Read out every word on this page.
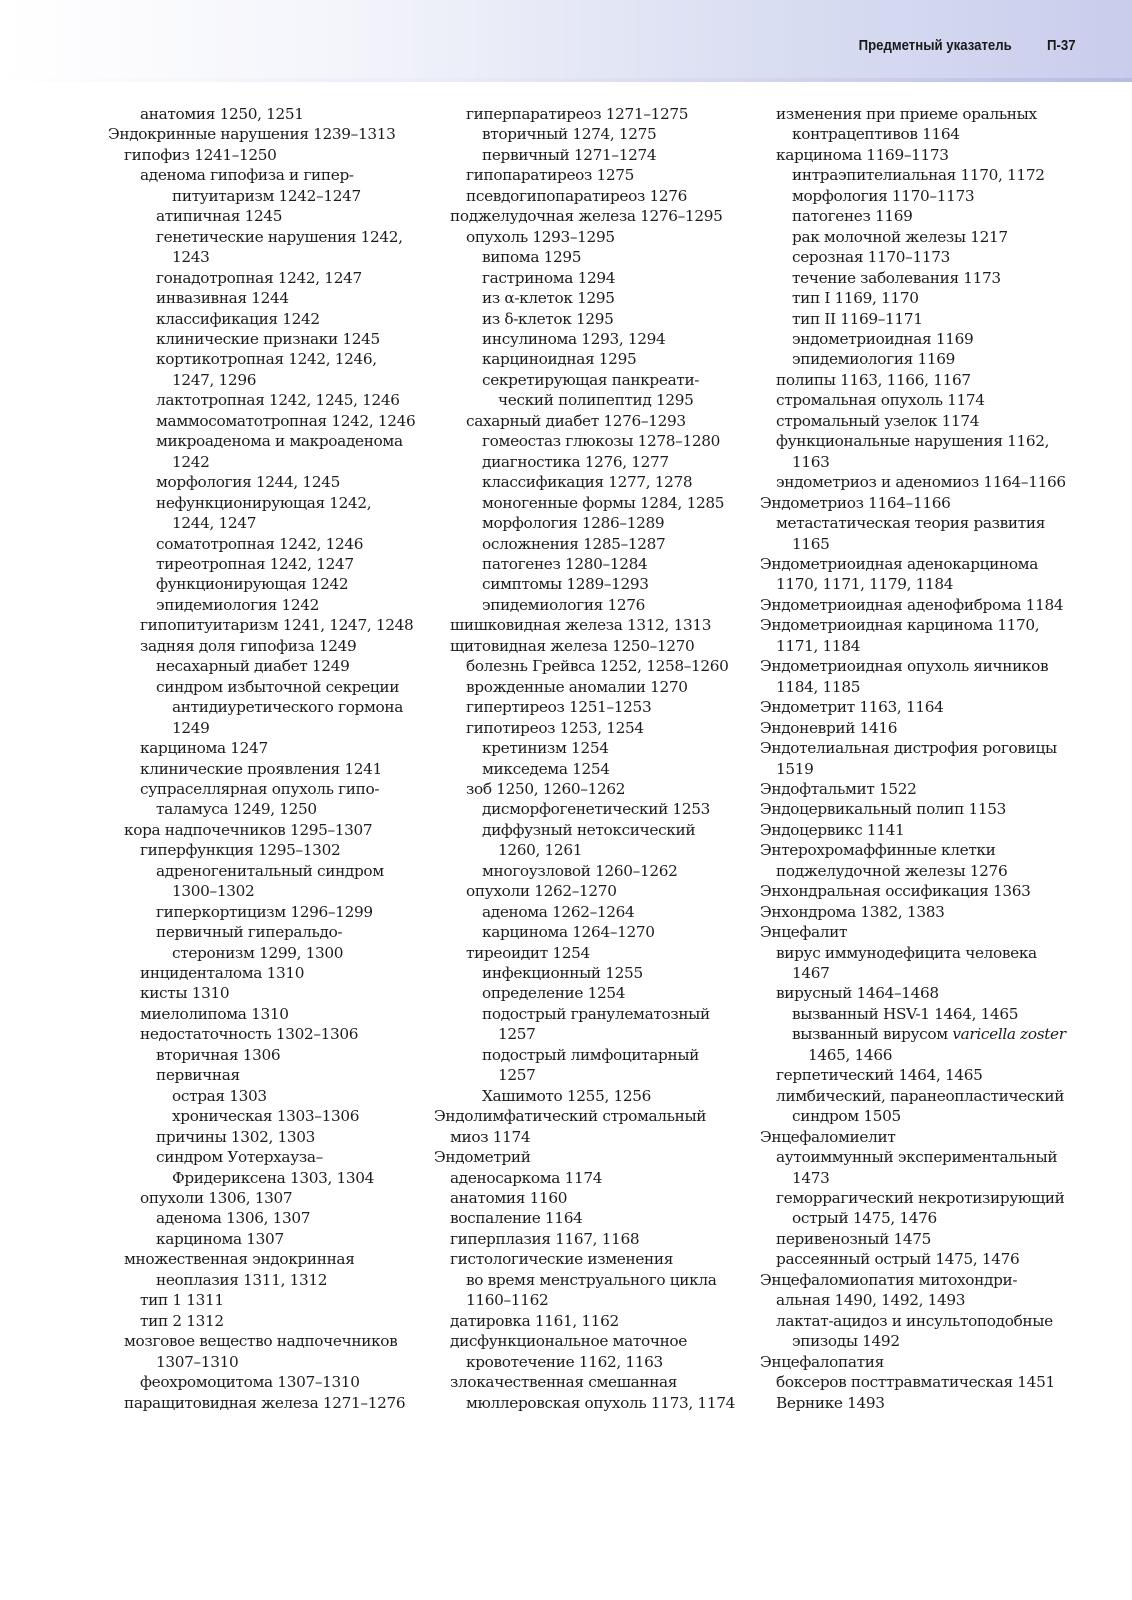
Предметный указатель П-37
анатомия 1250, 1251
Эндокринные нарушения 1239–1313
гипофиз 1241–1250
аденома гипофиза и гипер-
питуитаризм 1242–1247
атипичная 1245
генетические нарушения 1242,
1243
гонадотропная 1242, 1247
инвазивная 1244
классификация 1242
клинические признаки 1245
кортикотропная 1242, 1246,
1247, 1296
лактотропная 1242, 1245, 1246
маммосоматотропная 1242, 1246
микроаденома и макроаденома
1242
морфология 1244, 1245
нефункционирующая 1242,
1244, 1247
соматотропная 1242, 1246
тиреотропная 1242, 1247
функционирующая 1242
эпидемиология 1242
гипопитуитаризм 1241, 1247, 1248
задняя доля гипофиза 1249
несахарный диабет 1249
синдром избыточной секреции
антидиуретического гормона
1249
карцинома 1247
клинические проявления 1241
супраселлярная опухоль гипо-
таламуса 1249, 1250
кора надпочечников 1295–1307
гиперфункция 1295–1302
адреногенитальный синдром
1300–1302
гиперкортицизм 1296–1299
первичный гиперальдо-
стеронизм 1299, 1300
инциденталома 1310
кисты 1310
миелолипома 1310
недостаточность 1302–1306
вторичная 1306
первичная
острая 1303
хроническая 1303–1306
причины 1302, 1303
синдром Уотерхауза–
Фридериксена 1303, 1304
опухоли 1306, 1307
аденома 1306, 1307
карцинома 1307
множественная эндокринная
неоплазия 1311, 1312
тип 1 1311
тип 2 1312
мозговое вещество надпочечников
1307–1310
феохромоцитома 1307–1310
паращитовидная железа 1271–1276
гиперпаратиреоз 1271–1275
вторичный 1274, 1275
первичный 1271–1274
гипопаратиреоз 1275
псевдогипопаратиреоз 1276
поджелудочная железа 1276–1295
опухоль 1293–1295
випома 1295
гастринома 1294
из α-клеток 1295
из δ-клеток 1295
инсулинома 1293, 1294
карциноидная 1295
секретирующая панкреати-
ческий полипептид 1295
сахарный диабет 1276–1293
гомеостаз глюкозы 1278–1280
диагностика 1276, 1277
классификация 1277, 1278
моногенные формы 1284, 1285
морфология 1286–1289
осложнения 1285–1287
патогенез 1280–1284
симптомы 1289–1293
эпидемиология 1276
шишковидная железа 1312, 1313
щитовидная железа 1250–1270
болезнь Грейвса 1252, 1258–1260
врожденные аномалии 1270
гипертиреоз 1251–1253
гипотиреоз 1253, 1254
кретинизм 1254
микседема 1254
зоб 1250, 1260–1262
дисморфогенетический 1253
диффузный нетоксический
1260, 1261
многоузловой 1260–1262
опухоли 1262–1270
аденома 1262–1264
карцинома 1264–1270
тиреоидит 1254
инфекционный 1255
определение 1254
подострый гранулематозный
1257
подострый лимфоцитарный
1257
Хашимото 1255, 1256
Эндолимфатический стромальный
миоз 1174
Эндометрий
аденосаркома 1174
анатомия 1160
воспаление 1164
гиперплазия 1167, 1168
гистологические изменения
во время менструального цикла
1160–1162
датировка 1161, 1162
дисфункциональное маточное
кровотечение 1162, 1163
злокачественная смешанная
мюллеровская опухоль 1173, 1174
изменения при приеме оральных
контрацептивов 1164
карцинома 1169–1173
интраэпителиальная 1170, 1172
морфология 1170–1173
патогенез 1169
рак молочной железы 1217
серозная 1170–1173
течение заболевания 1173
тип I 1169, 1170
тип II 1169–1171
эндометриоидная 1169
эпидемиология 1169
полипы 1163, 1166, 1167
стромальная опухоль 1174
стромальный узелок 1174
функциональные нарушения 1162,
1163
эндометриоз и аденомиоз 1164–1166
Эндометриоз 1164–1166
метастатическая теория развития
1165
Эндометриоидная аденокарцинома
1170, 1171, 1179, 1184
Эндометриоидная аденофиброма 1184
Эндометриоидная карцинома 1170,
1171, 1184
Эндометриоидная опухоль яичников
1184, 1185
Эндометрит 1163, 1164
Эндоневрий 1416
Эндотелиальная дистрофия роговицы
1519
Эндофтальмит 1522
Эндоцервикальный полип 1153
Эндоцервикс 1141
Энтерохромаффинные клетки
поджелудочной железы 1276
Энхондральная оссификация 1363
Энхондрома 1382, 1383
Энцефалит
вирус иммунодефицита человека
1467
вирусный 1464–1468
вызванный HSV-1 1464, 1465
вызванный вирусом varicella zoster
1465, 1466
герпетический 1464, 1465
лимбический, паранеопластический
синдром 1505
Энцефаломиелит
аутоиммунный экспериментальный
1473
геморрагический некротизирующий
острый 1475, 1476
перивенозный 1475
рассеянный острый 1475, 1476
Энцефаломиопатия митохондри-
альная 1490, 1492, 1493
лактат-ацидоз и инсультоподобные
эпизоды 1492
Энцефалопатия
боксеров посттравматическая 1451
Вернике 1493
